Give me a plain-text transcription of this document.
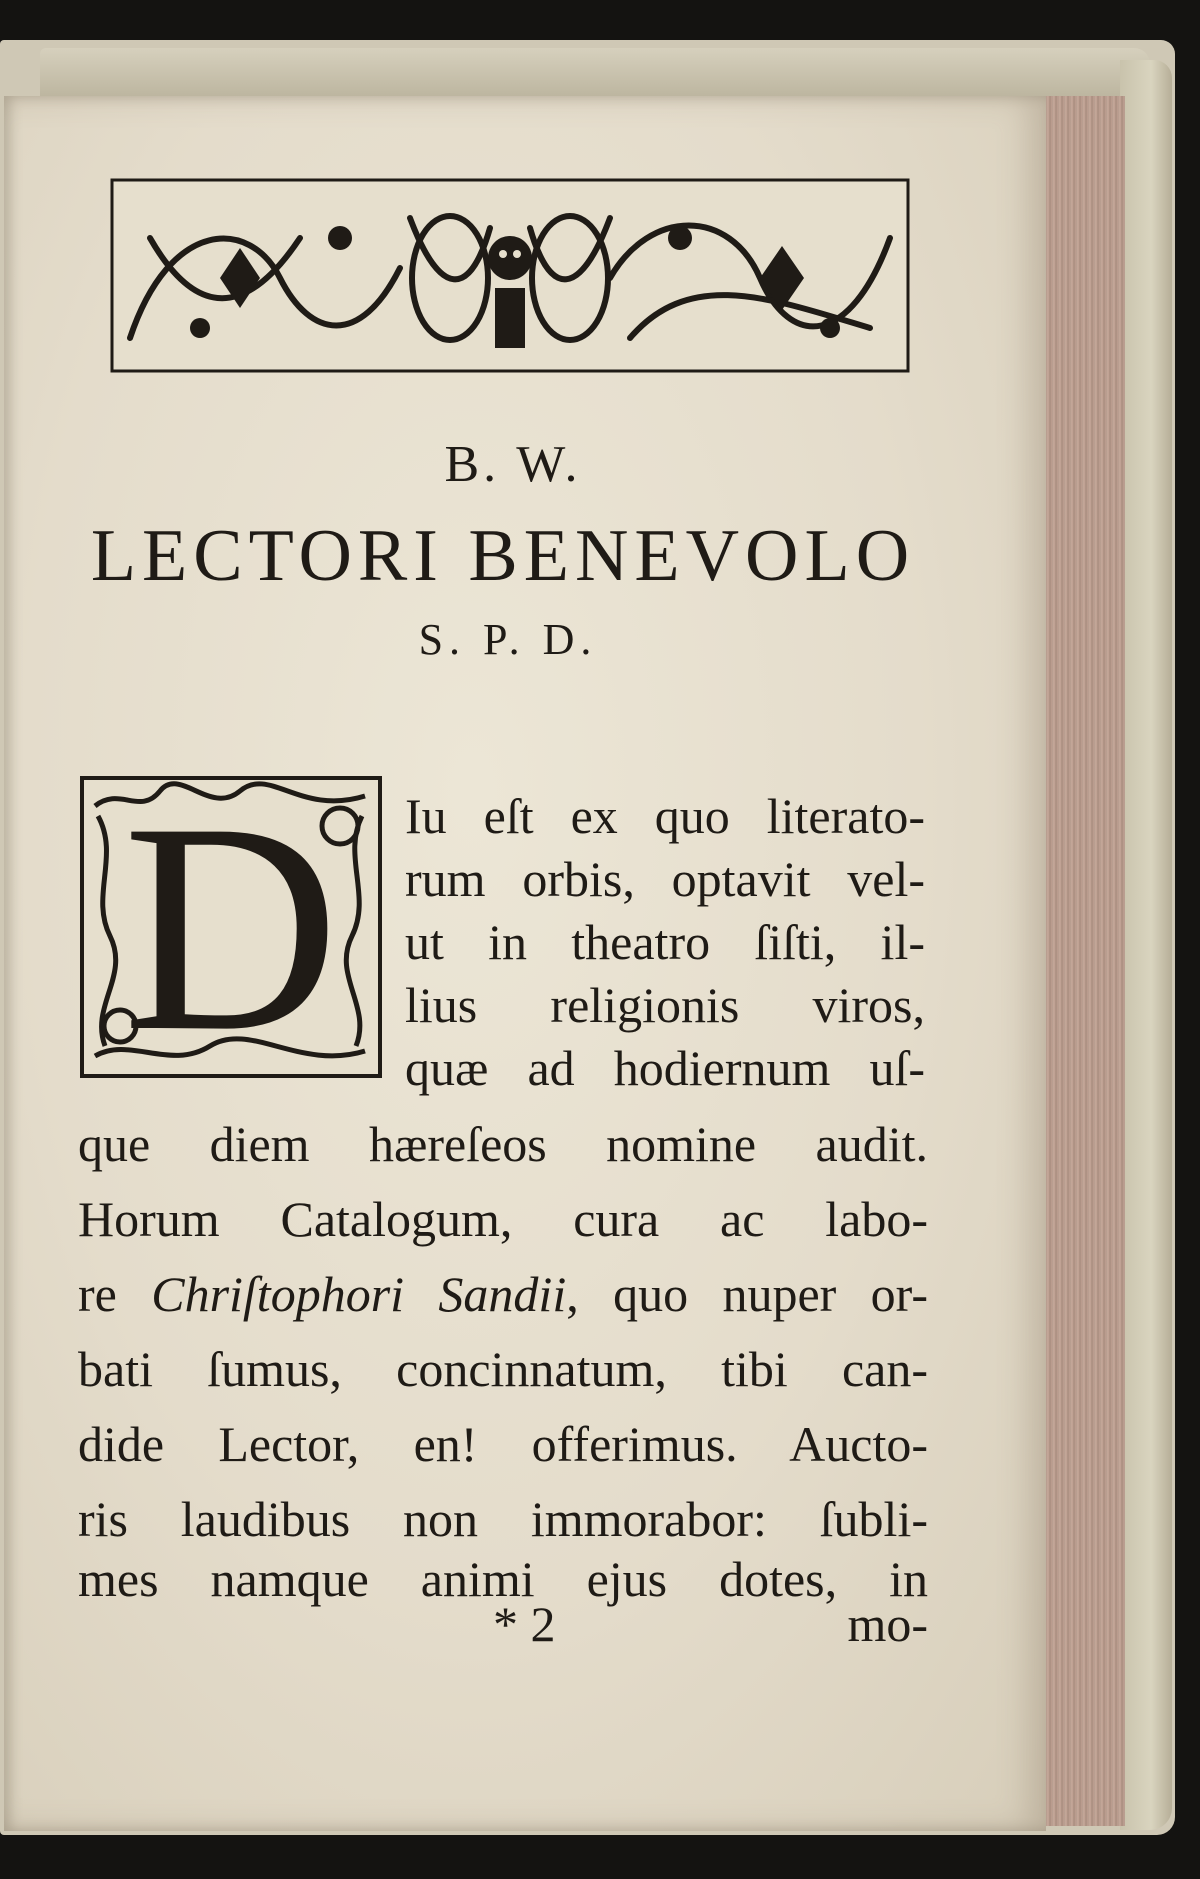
B. W.
LECTORI BENEVOLO
S. P. D.
D Iu eſt ex quo literato-
rum orbis, optavit vel-
ut in theatro ſiſti, il-
lius religionis viros,
quæ ad hodiernum uſ-
que diem hæreſeos nomine audit.
Horum Catalogum, cura ac labo-
re Chriſtophori Sandii, quo nuper or-
bati ſumus, concinnatum, tibi can-
dide Lector, en! offerimus. Auctο-
ris laudibus non immorabor: ſubli-
mes namque animi ejus dotes, in
* 2	mo-
